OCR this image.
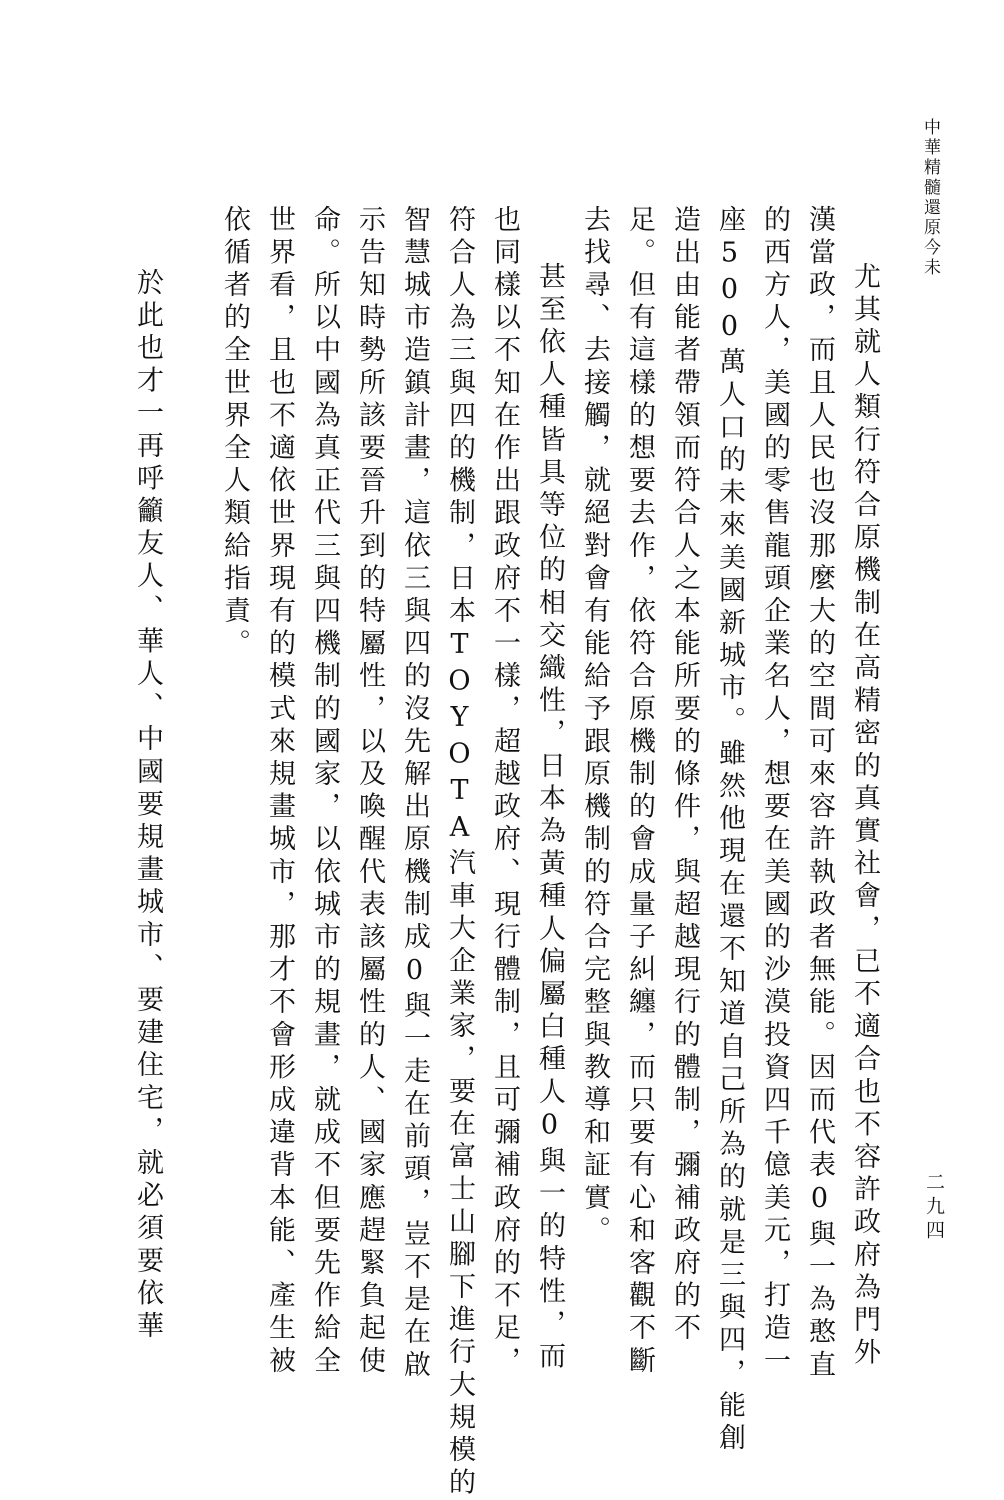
中華精髓還原今未
二九四
尤其就人類行符合原機制在高精密的真實社會，已不適合也不容許政府為門外
漢當政，而且人民也沒那麼大的空間可來容許執政者無能。因而代表0與一為憨直
的西方人，美國的零售龍頭企業名人，想要在美國的沙漠投資四千億美元，打造一
座500萬人口的未來美國新城市。雖然他現在還不知道自己所為的就是三與四，能創
造出由能者帶領而符合人之本能所要的條件，與超越現行的體制，彌補政府的不
足。但有這樣的想要去作，依符合原機制的會成量子糾纏，而只要有心和客觀不斷
去找尋、去接觸，就絕對會有能給予跟原機制的符合完整與教導和証實。
甚至依人種皆具等位的相交織性，日本為黃種人偏屬白種人0與一的特性，而
也同樣以不知在作出跟政府不一樣，超越政府、現行體制，且可彌補政府的不足，
符合人為三與四的機制，日本TOYOTA汽車大企業家，要在富士山腳下進行大規模的
智慧城市造鎮計畫，這依三與四的沒先解出原機制成0與一走在前頭，豈不是在啟
示告知時勢所該要晉升到的特屬性，以及喚醒代表該屬性的人、國家應趕緊負起使
命。所以中國為真正代三與四機制的國家，以依城市的規畫，就成不但要先作給全
世界看，且也不適依世界現有的模式來規畫城市，那才不會形成違背本能、產生被
依循者的全世界全人類給指責。
於此也才一再呼籲友人、華人、中國要規畫城市、要建住宅，就必須要依華
